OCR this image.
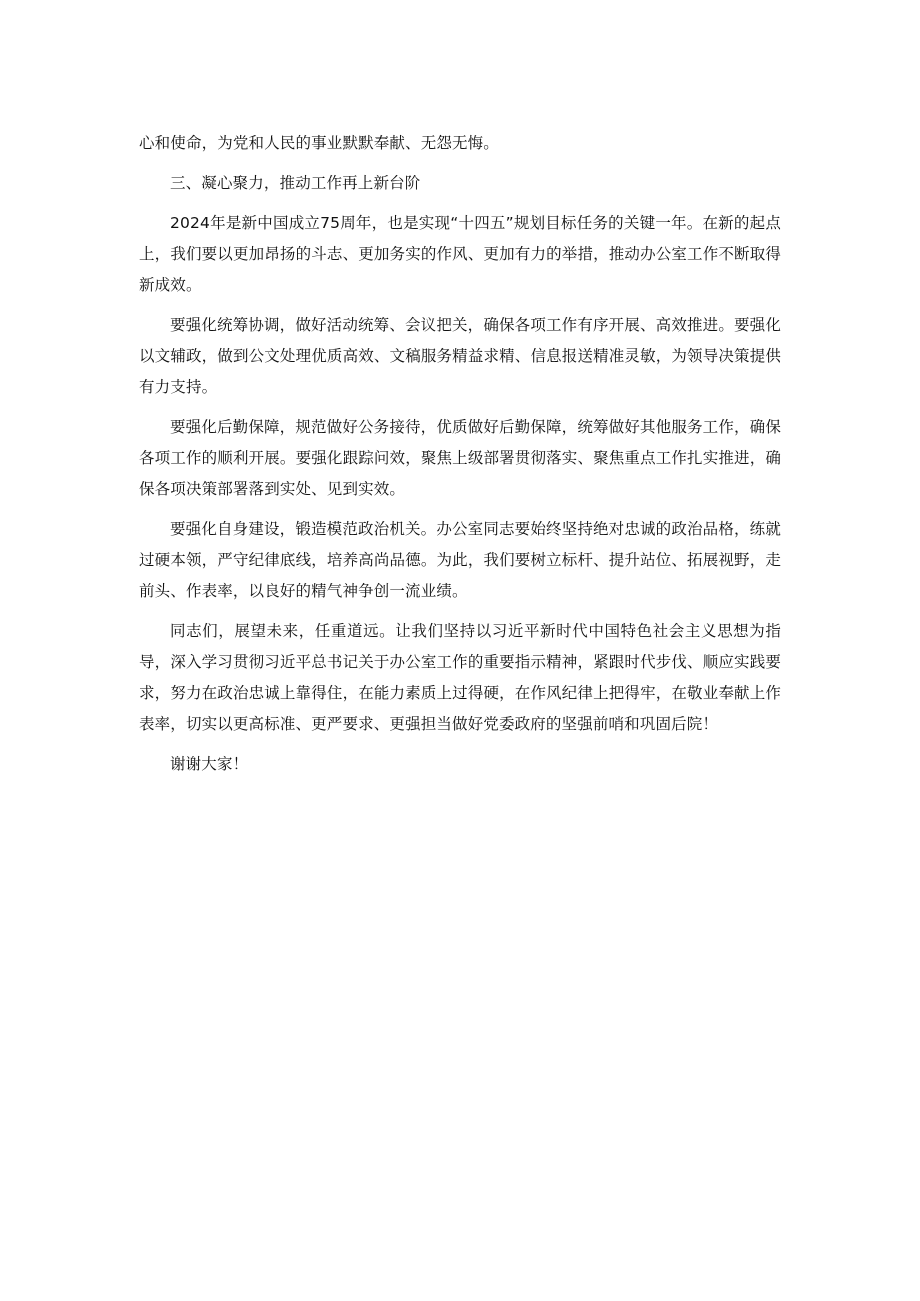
心和使命，为党和人民的事业默默奉献、无怨无悔。

三、凝心聚力，推动工作再上新台阶

2024年是新中国成立75周年，也是实现“十四五”规划目标任务的关键一年。在新的起点上，我们要以更加昂扬的斗志、更加务实的作风、更加有力的举措，推动办公室工作不断取得新成效。

要强化统筹协调，做好活动统筹、会议把关，确保各项工作有序开展、高效推进。要强化以文辅政，做到公文处理优质高效、文稿服务精益求精、信息报送精准灵敏，为领导决策提供有力支持。

要强化后勤保障，规范做好公务接待，优质做好后勤保障，统筹做好其他服务工作，确保各项工作的顺利开展。要强化跟踪问效，聚焦上级部署贯彻落实、聚焦重点工作扎实推进，确保各项决策部署落到实处、见到实效。

要强化自身建设，锻造模范政治机关。办公室同志要始终坚持绝对忠诚的政治品格，练就过硬本领，严守纪律底线，培养高尚品德。为此，我们要树立标杆、提升站位、拓展视野，走前头、作表率，以良好的精气神争创一流业绩。

同志们，展望未来，任重道远。让我们坚持以习近平新时代中国特色社会主义思想为指导，深入学习贯彻习近平总书记关于办公室工作的重要指示精神，紧跟时代步伐、顺应实践要求，努力在政治忠诚上靠得住，在能力素质上过得硬，在作风纪律上把得牢，在敬业奉献上作表率，切实以更高标准、更严要求、更强担当做好党委政府的坚强前哨和巩固后院！

谢谢大家！
